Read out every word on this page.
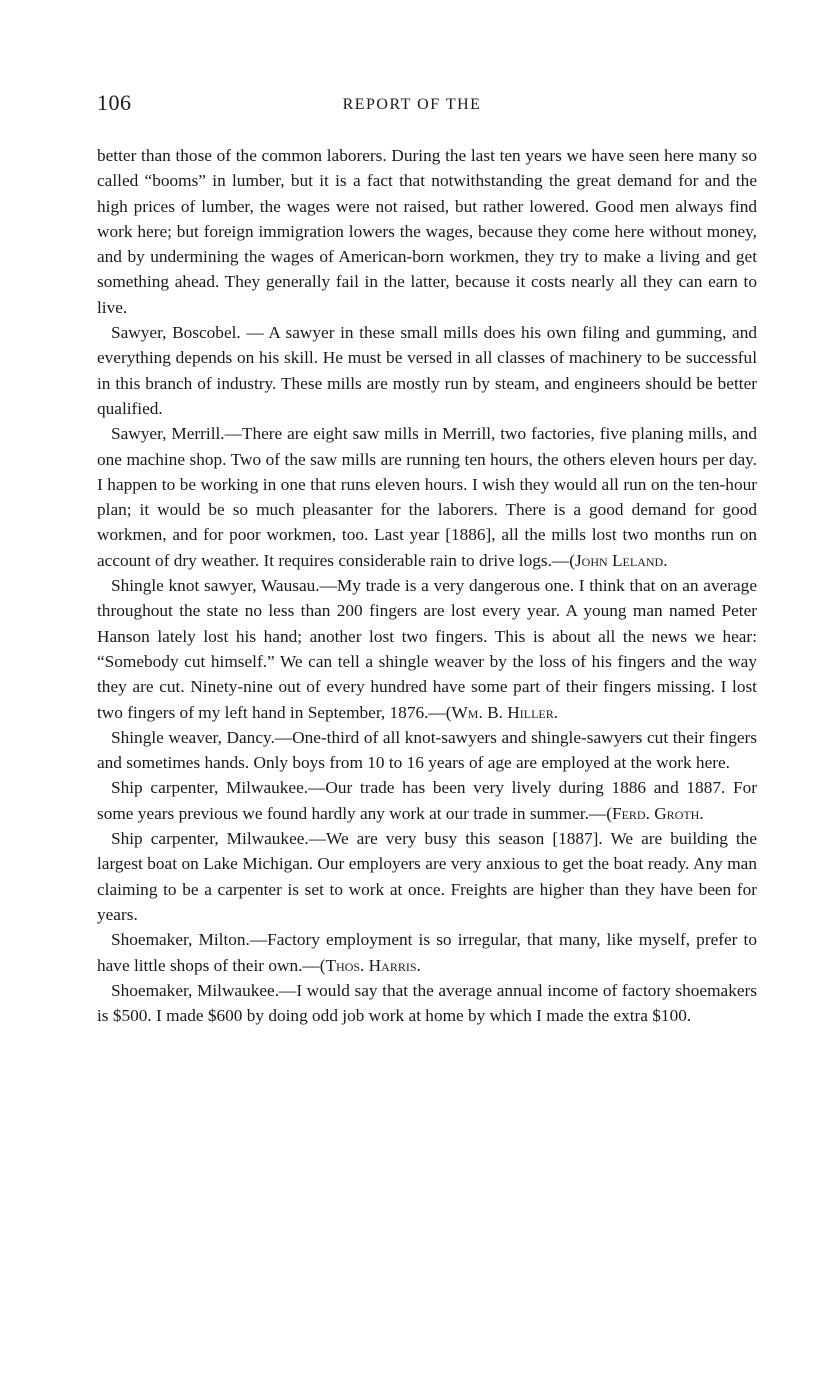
106	REPORT OF THE

better than those of the common laborers. During the last ten years we have seen here many so called “booms” in lumber, but it is a fact that notwithstanding the great demand for and the high prices of lumber, the wages were not raised, but rather lowered. Good men always find work here; but foreign immigration lowers the wages, because they come here without money, and by undermining the wages of American-born workmen, they try to make a living and get something ahead. They generally fail in the latter, because it costs nearly all they can earn to live.

Sawyer, Boscobel. — A sawyer in these small mills does his own filing and gumming, and everything depends on his skill. He must be versed in all classes of machinery to be successful in this branch of industry. These mills are mostly run by steam, and engineers should be better qualified.

Sawyer, Merrill.—There are eight saw mills in Merrill, two factories, five planing mills, and one machine shop. Two of the saw mills are running ten hours, the others eleven hours per day. I happen to be working in one that runs eleven hours. I wish they would all run on the ten-hour plan; it would be so much pleasanter for the laborers. There is a good demand for good workmen, and for poor workmen, too. Last year [1886], all the mills lost two months run on account of dry weather. It requires considerable rain to drive logs.—(John Leland.

Shingle knot sawyer, Wausau.—My trade is a very dangerous one. I think that on an average throughout the state no less than 200 fingers are lost every year. A young man named Peter Hanson lately lost his hand; another lost two fingers. This is about all the news we hear: “Somebody cut himself.” We can tell a shingle weaver by the loss of his fingers and the way they are cut. Ninety-nine out of every hundred have some part of their fingers missing. I lost two fingers of my left hand in September, 1876.—(Wm. B. Hiller.

Shingle weaver, Dancy.—One-third of all knot-sawyers and shingle-sawyers cut their fingers and sometimes hands. Only boys from 10 to 16 years of age are employed at the work here.

Ship carpenter, Milwaukee.—Our trade has been very lively during 1886 and 1887. For some years previous we found hardly any work at our trade in summer.—(Ferd. Groth.

Ship carpenter, Milwaukee.—We are very busy this season [1887]. We are building the largest boat on Lake Michigan. Our employers are very anxious to get the boat ready. Any man claiming to be a carpenter is set to work at once. Freights are higher than they have been for years.

Shoemaker, Milton.—Factory employment is so irregular, that many, like myself, prefer to have little shops of their own.—(Thos. Harris.

Shoemaker, Milwaukee.—I would say that the average annual income of factory shoemakers is $500. I made $600 by doing odd job work at home by which I made the extra $100.
